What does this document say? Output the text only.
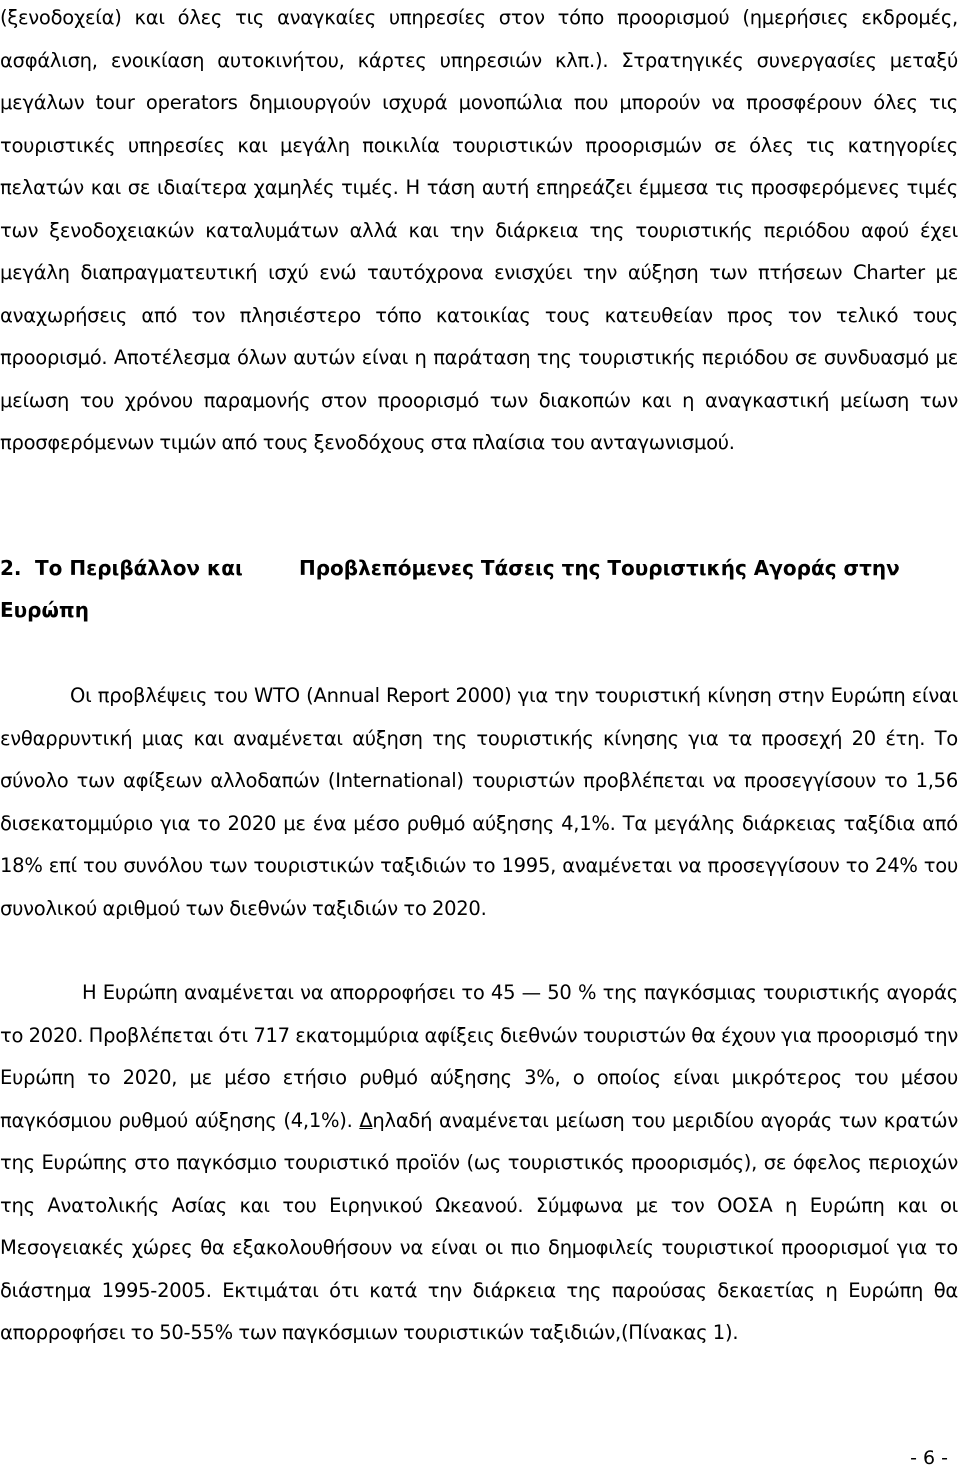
(ξενοδοχεία) και όλες τις αναγκαίες υπηρεσίες στον τόπο προορισμού (ημερήσιες εκδρομές, ασφάλιση, ενοικίαση αυτοκινήτου, κάρτες υπηρεσιών κλπ.). Στρατηγικές συνεργασίες μεταξύ μεγάλων tour operators δημιουργούν ισχυρά μονοπώλια που μπορούν να προσφέρουν όλες τις τουριστικές υπηρεσίες και μεγάλη ποικιλία τουριστικών προορισμών σε όλες τις κατηγορίες πελατών και σε ιδιαίτερα χαμηλές τιμές. Η τάση αυτή επηρεάζει έμμεσα τις προσφερόμενες τιμές των ξενοδοχειακών καταλυμάτων αλλά και την διάρκεια της τουριστικής περιόδου αφού έχει μεγάλη διαπραγματευτική ισχύ ενώ ταυτόχρονα ενισχύει την αύξηση των πτήσεων Charter με αναχωρήσεις από τον πλησιέστερο τόπο κατοικίας τους κατευθείαν προς τον τελικό τους προορισμό. Αποτέλεσμα όλων αυτών είναι η παράταση της τουριστικής περιόδου σε συνδυασμό με μείωση του χρόνου παραμονής στον προορισμό των διακοπών και η αναγκαστική μείωση των προσφερόμενων τιμών από τους ξενοδόχους στα πλαίσια του ανταγωνισμού.

2. Το Περιβάλλον και	Προβλεπόμενες Τάσεις της Τουριστικής Αγοράς στην Ευρώπη

Οι προβλέψεις του WTO (Annual Report 2000) για την τουριστική κίνηση στην Ευρώπη είναι ενθαρρυντική μιας και αναμένεται αύξηση της τουριστικής κίνησης για τα προσεχή 20 έτη. Το σύνολο των αφίξεων αλλοδαπών (International) τουριστών προβλέπεται να προσεγγίσουν το 1,56 δισεκατομμύριο για το 2020 με ένα μέσο ρυθμό αύξησης 4,1%. Τα μεγάλης διάρκειας ταξίδια από 18% επί του συνόλου των τουριστικών ταξιδιών το 1995, αναμένεται να προσεγγίσουν το 24% του συνολικού αριθμού των διεθνών ταξιδιών το 2020.

Η Ευρώπη αναμένεται να απορροφήσει το 45 — 50 % της παγκόσμιας τουριστικής αγοράς το 2020. Προβλέπεται ότι 717 εκατομμύρια αφίξεις διεθνών τουριστών θα έχουν για προορισμό την Ευρώπη το 2020, με μέσο ετήσιο ρυθμό αύξησης 3%, ο οποίος είναι μικρότερος του μέσου παγκόσμιου ρυθμού αύξησης (4,1%). Δηλαδή αναμένεται μείωση του μεριδίου αγοράς των κρατών της Ευρώπης στο παγκόσμιο τουριστικό προϊόν (ως τουριστικός προορισμός), σε όφελος περιοχών της Ανατολικής Ασίας και του Ειρηνικού Ωκεανού. Σύμφωνα με τον ΟΟΣΑ η Ευρώπη και οι Μεσογειακές χώρες θα εξακολουθήσουν να είναι οι πιο δημοφιλείς τουριστικοί προορισμοί για το διάστημα 1995-2005. Εκτιμάται ότι κατά την διάρκεια της παρούσας δεκαετίας η Ευρώπη θα απορροφήσει το 50-55% των παγκόσμιων τουριστικών ταξιδιών,(Πίνακας 1).

- 6 -
